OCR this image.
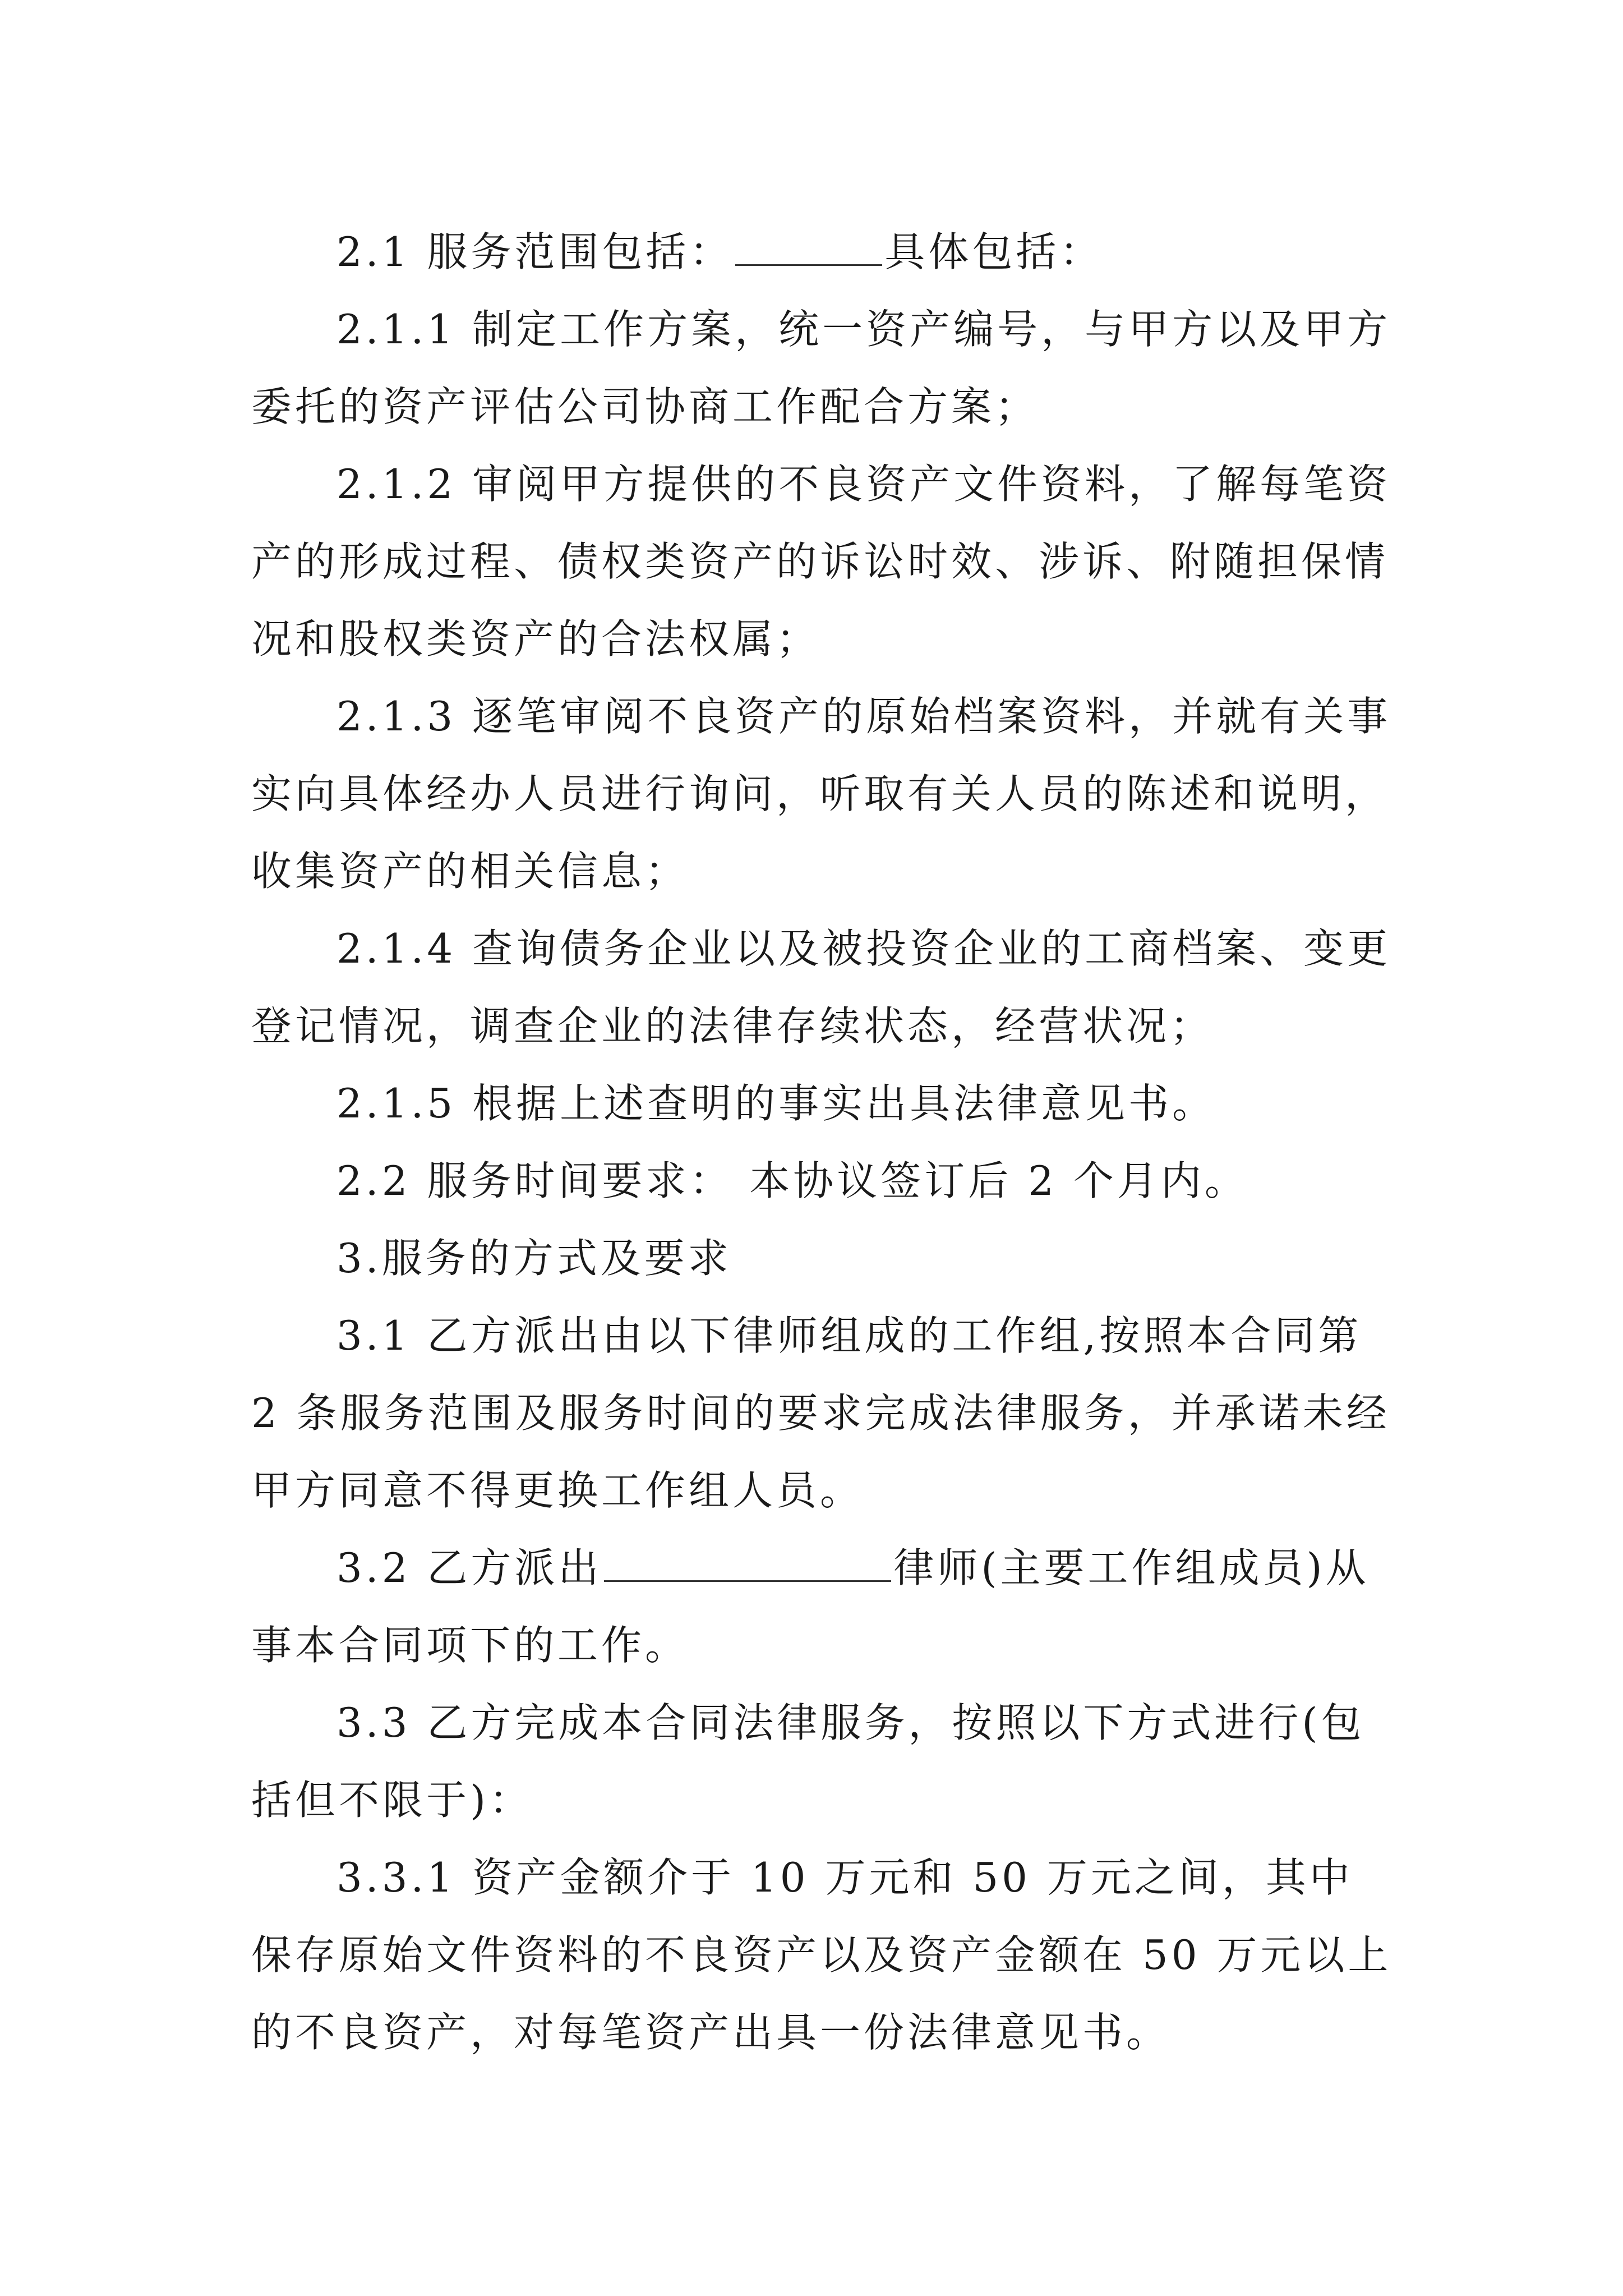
2.1 服务范围包括：	具体包括：

2.1.1 制定工作方案，统一资产编号，与甲方以及甲方委托的资产评估公司协商工作配合方案；

2.1.2 审阅甲方提供的不良资产文件资料，了解每笔资产的形成过程、债权类资产的诉讼时效、涉诉、附随担保情况和股权类资产的合法权属；

2.1.3 逐笔审阅不良资产的原始档案资料，并就有关事实向具体经办人员进行询问，听取有关人员的陈述和说明，收集资产的相关信息；

2.1.4 查询债务企业以及被投资企业的工商档案、变更登记情况，调查企业的法律存续状态，经营状况；

2.1.5 根据上述查明的事实出具法律意见书。

2.2 服务时间要求： 本协议签订后 2 个月内。

3.服务的方式及要求

3.1 乙方派出由以下律师组成的工作组,按照本合同第 2 条服务范围及服务时间的要求完成法律服务，并承诺未经甲方同意不得更换工作组人员。

3.2 乙方派出	律师(主要工作组成员)从事本合同项下的工作。

3.3 乙方完成本合同法律服务，按照以下方式进行(包括但不限于)：

3.3.1 资产金额介于 10 万元和 50 万元之间，其中保存原始文件资料的不良资产以及资产金额在 50 万元以上的不良资产，对每笔资产出具一份法律意见书。
